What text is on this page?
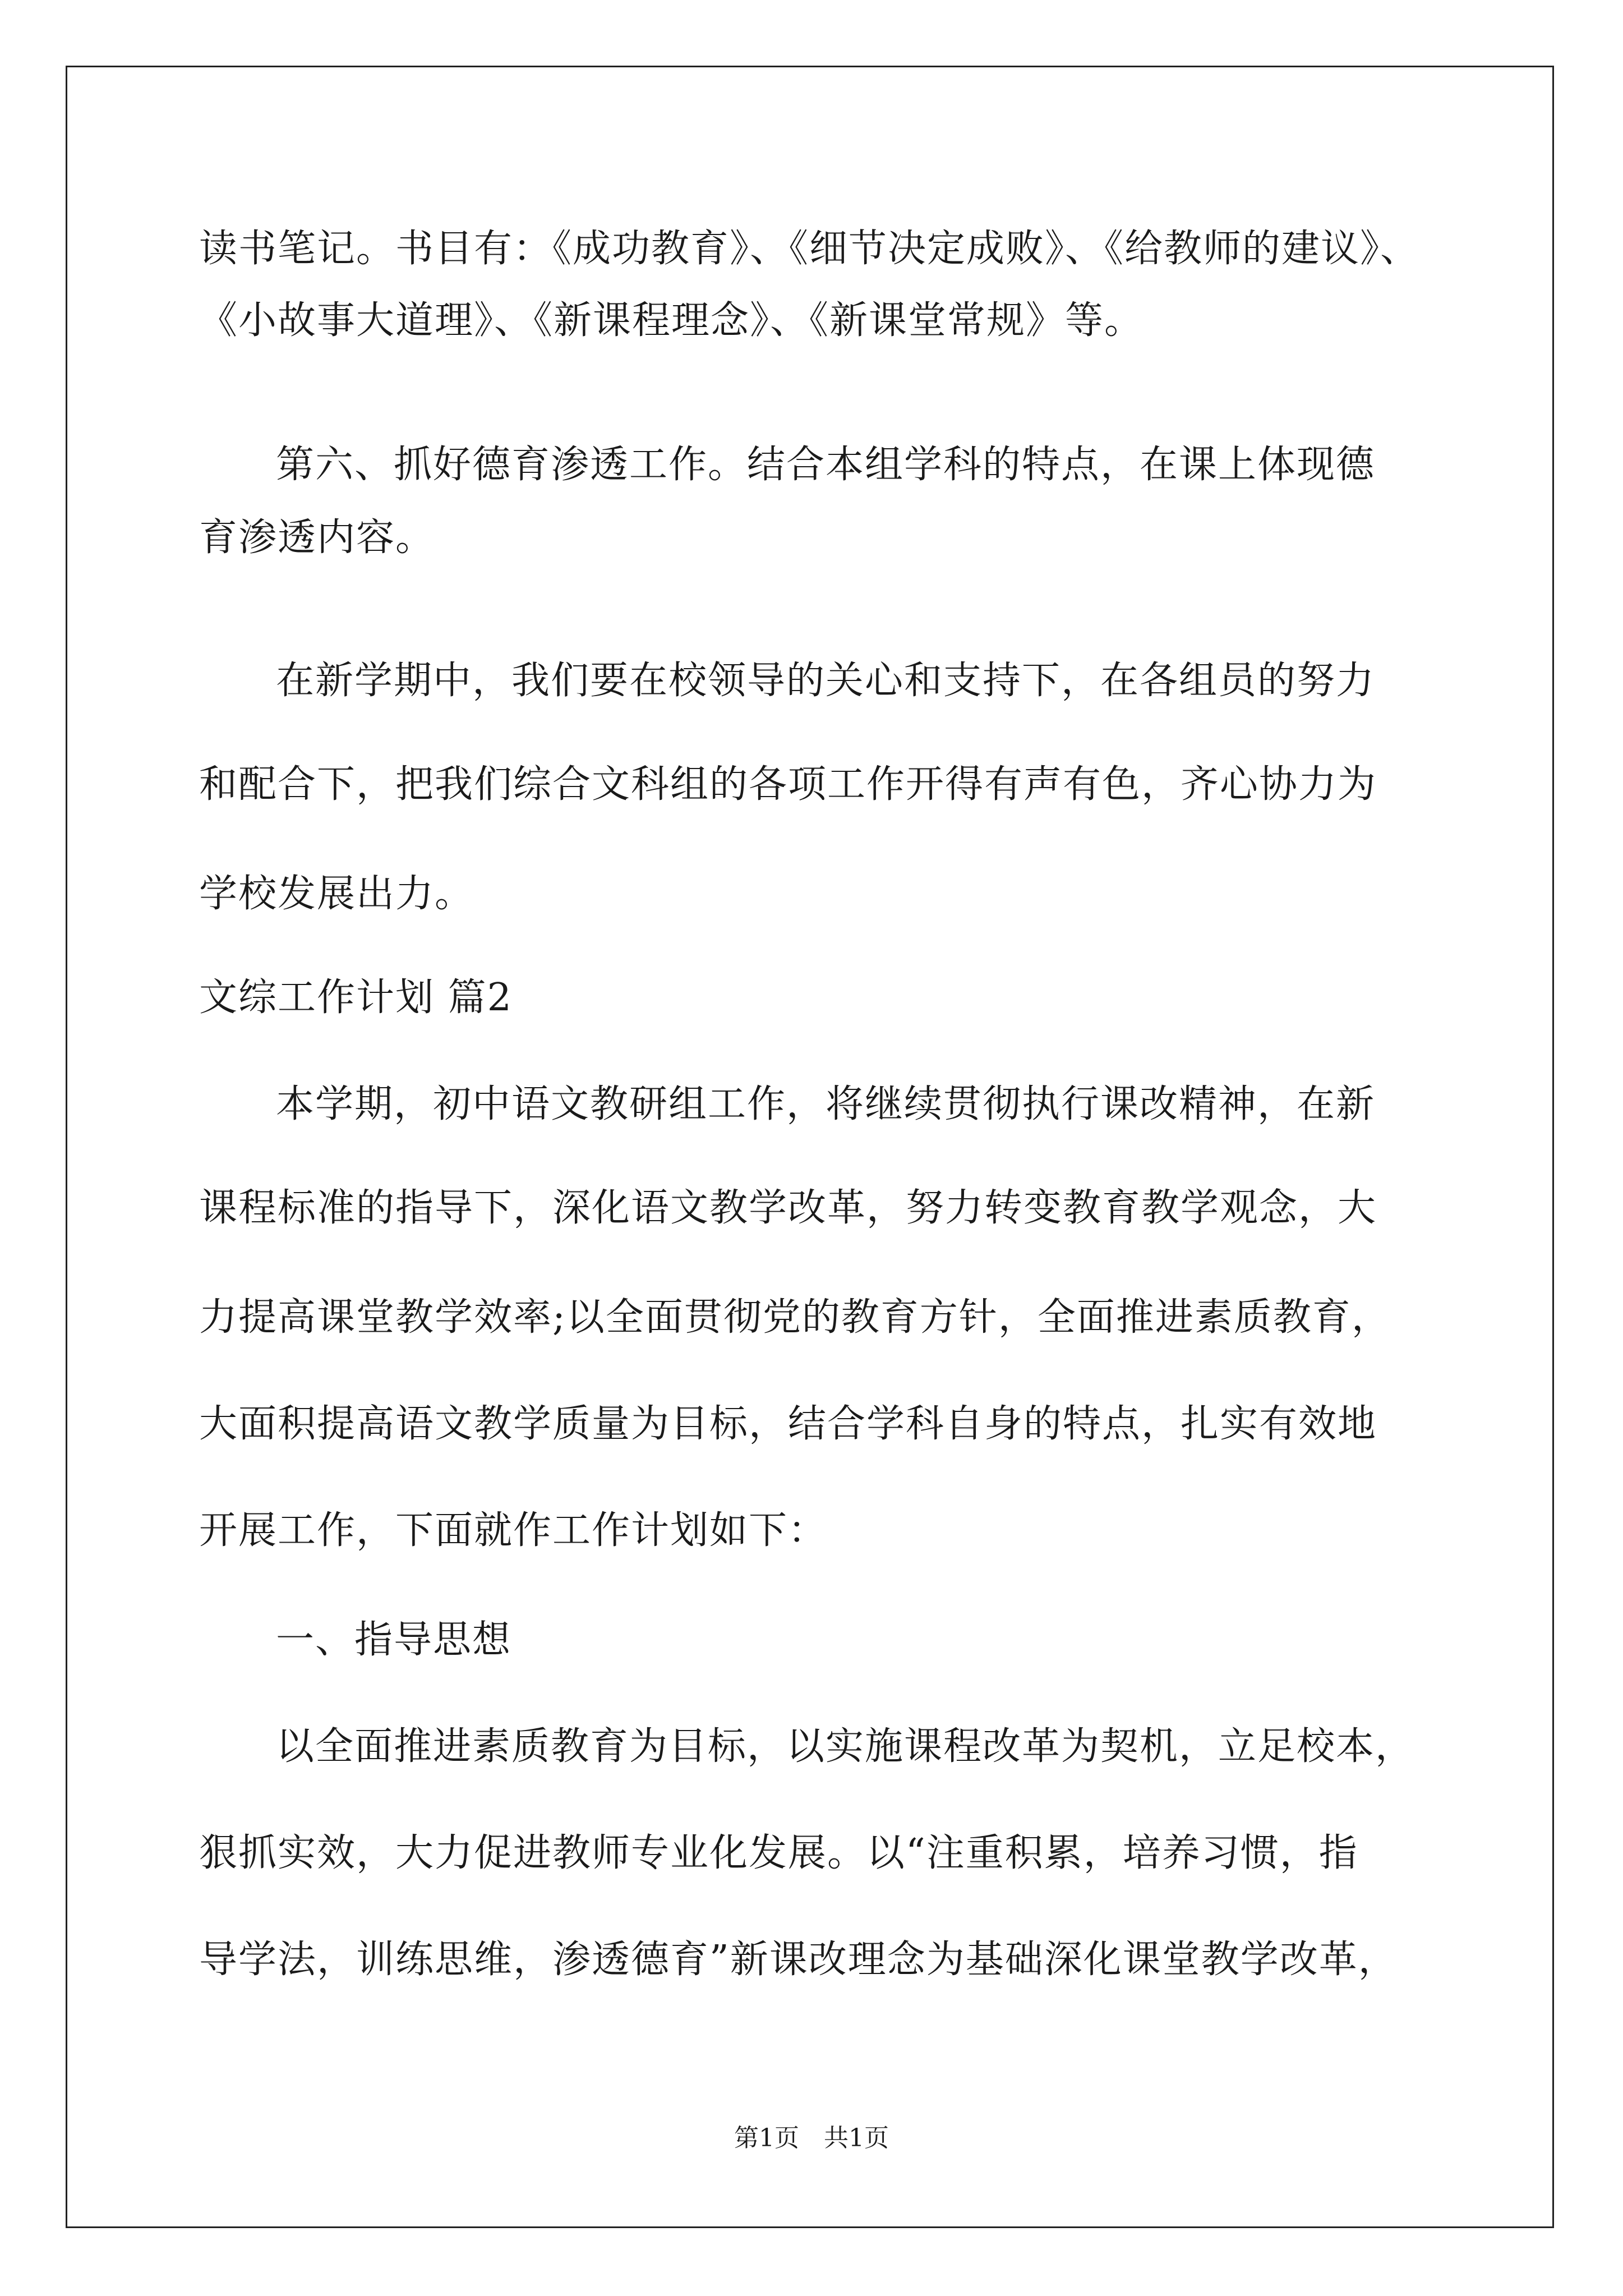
读书笔记。书目有：《成功教育》、《细节决定成败》、《给教师的建议》、
《小故事大道理》、《新课程理念》、《新课堂常规》等。
第六、抓好德育渗透工作。结合本组学科的特点，在课上体现德
育渗透内容。
在新学期中，我们要在校领导的关心和支持下，在各组员的努力
和配合下，把我们综合文科组的各项工作开得有声有色，齐心协力为
学校发展出力。
文综工作计划 篇2
本学期，初中语文教研组工作，将继续贯彻执行课改精神，在新
课程标准的指导下，深化语文教学改革，努力转变教育教学观念，大
力提高课堂教学效率;以全面贯彻党的教育方针，全面推进素质教育，
大面积提高语文教学质量为目标，结合学科自身的特点，扎实有效地
开展工作，下面就作工作计划如下：
一、指导思想
以全面推进素质教育为目标，以实施课程改革为契机，立足校本，
狠抓实效，大力促进教师专业化发展。以“注重积累，培养习惯，指
导学法，训练思维，渗透德育”新课改理念为基础深化课堂教学改革，
第1页　共1页
